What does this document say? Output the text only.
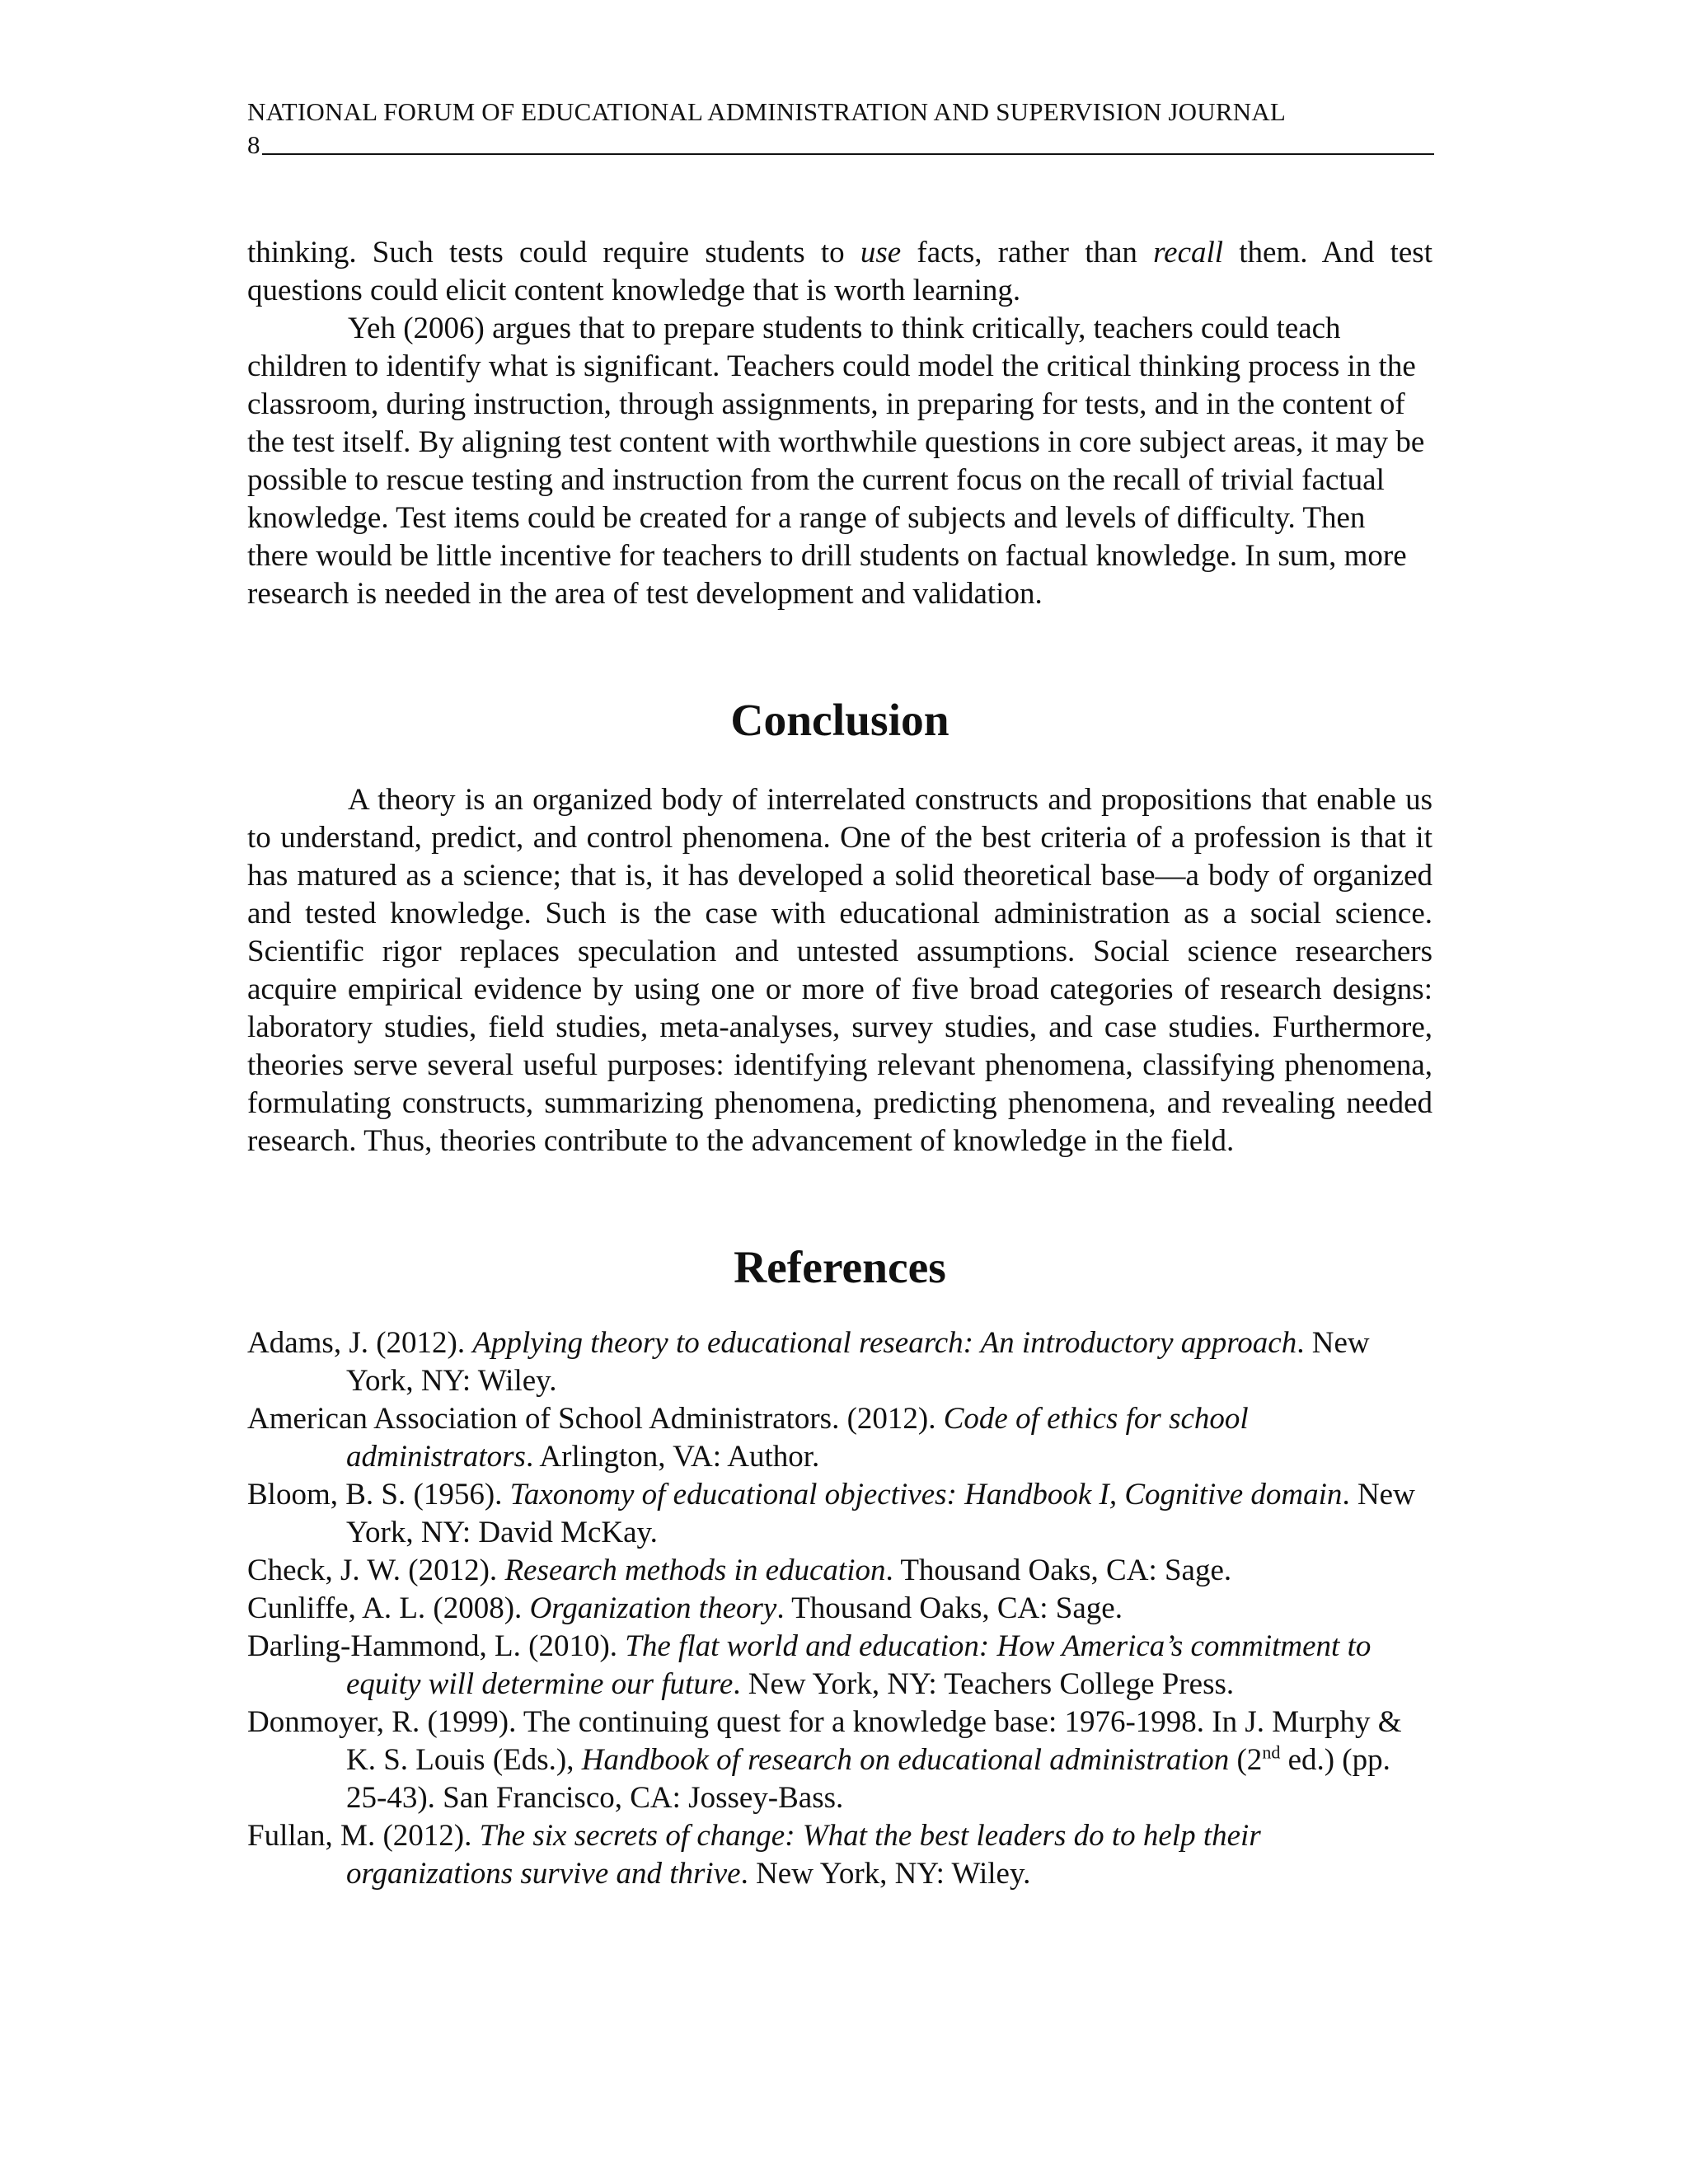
NATIONAL FORUM OF EDUCATIONAL ADMINISTRATION AND SUPERVISION JOURNAL
8

thinking. Such tests could require students to use facts, rather than recall them. And test questions could elicit content knowledge that is worth learning.

Yeh (2006) argues that to prepare students to think critically, teachers could teach children to identify what is significant. Teachers could model the critical thinking process in the classroom, during instruction, through assignments, in preparing for tests, and in the content of the test itself. By aligning test content with worthwhile questions in core subject areas, it may be possible to rescue testing and instruction from the current focus on the recall of trivial factual knowledge. Test items could be created for a range of subjects and levels of difficulty. Then there would be little incentive for teachers to drill students on factual knowledge. In sum, more research is needed in the area of test development and validation.

Conclusion

A theory is an organized body of interrelated constructs and propositions that enable us to understand, predict, and control phenomena. One of the best criteria of a profession is that it has matured as a science; that is, it has developed a solid theoretical base—a body of organized and tested knowledge. Such is the case with educational administration as a social science. Scientific rigor replaces speculation and untested assumptions. Social science researchers acquire empirical evidence by using one or more of five broad categories of research designs: laboratory studies, field studies, meta-analyses, survey studies, and case studies. Furthermore, theories serve several useful purposes: identifying relevant phenomena, classifying phenomena, formulating constructs, summarizing phenomena, predicting phenomena, and revealing needed research. Thus, theories contribute to the advancement of knowledge in the field.

References

Adams, J. (2012). Applying theory to educational research: An introductory approach. New York, NY: Wiley.

American Association of School Administrators. (2012). Code of ethics for school administrators. Arlington, VA: Author.

Bloom, B. S. (1956). Taxonomy of educational objectives: Handbook I, Cognitive domain. New York, NY: David McKay.

Check, J. W. (2012). Research methods in education. Thousand Oaks, CA: Sage.

Cunliffe, A. L. (2008). Organization theory. Thousand Oaks, CA: Sage.

Darling-Hammond, L. (2010). The flat world and education: How America’s commitment to equity will determine our future. New York, NY: Teachers College Press.

Donmoyer, R. (1999). The continuing quest for a knowledge base: 1976-1998. In J. Murphy & K. S. Louis (Eds.), Handbook of research on educational administration (2nd ed.) (pp. 25-43). San Francisco, CA: Jossey-Bass.

Fullan, M. (2012). The six secrets of change: What the best leaders do to help their organizations survive and thrive. New York, NY: Wiley.
